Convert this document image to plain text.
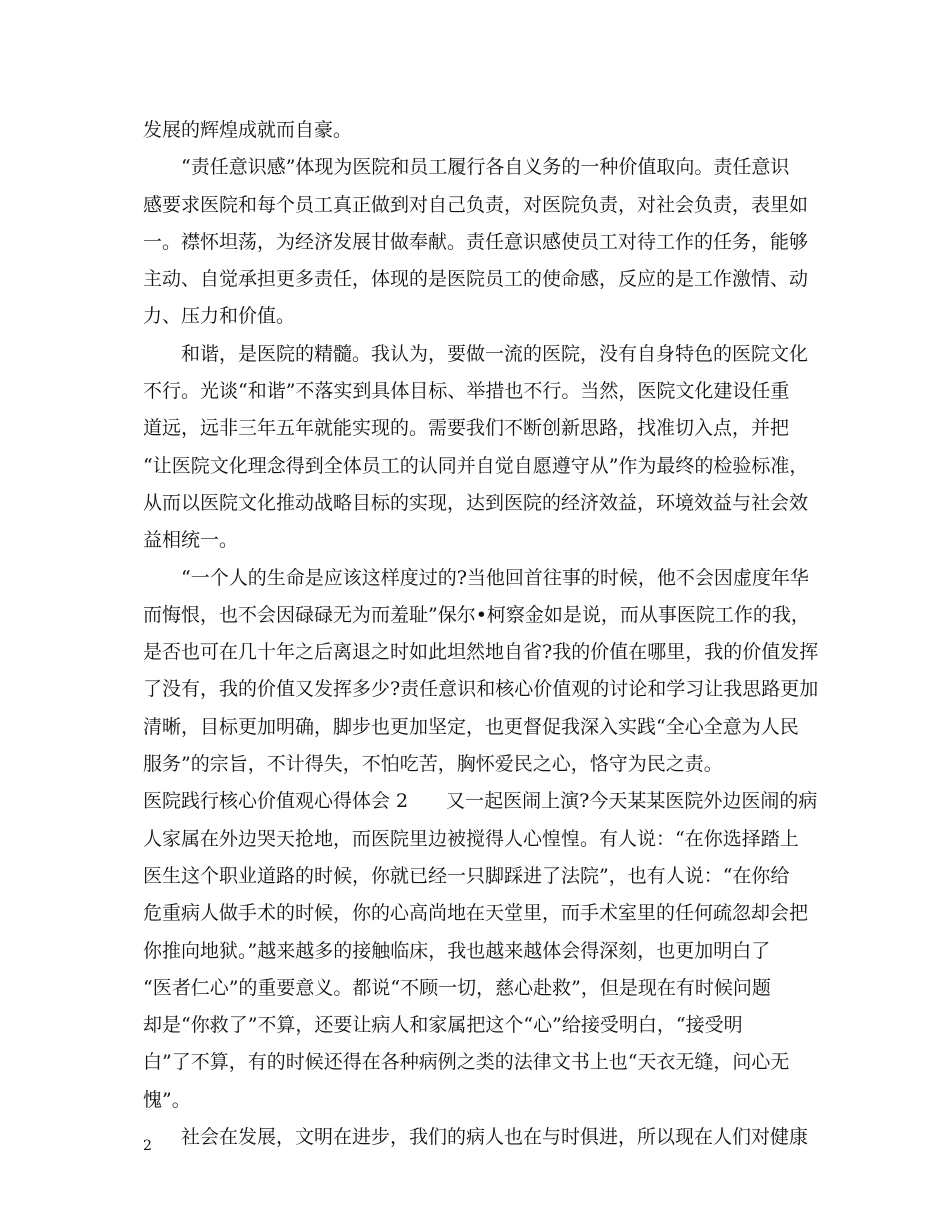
发展的辉煌成就而自豪。
“责任意识感”体现为医院和员工履行各自义务的一种价值取向。责任意识
感要求医院和每个员工真正做到对自己负责，对医院负责，对社会负责，表里如
一。襟怀坦荡，为经济发展甘做奉献。责任意识感使员工对待工作的任务，能够
主动、自觉承担更多责任，体现的是医院员工的使命感，反应的是工作激情、动
力、压力和价值。
和谐，是医院的精髓。我认为，要做一流的医院，没有自身特色的医院文化
不行。光谈“和谐”不落实到具体目标、举措也不行。当然，医院文化建设任重
道远，远非三年五年就能实现的。需要我们不断创新思路，找准切入点，并把
“让医院文化理念得到全体员工的认同并自觉自愿遵守从”作为最终的检验标准，
从而以医院文化推动战略目标的实现，达到医院的经济效益，环境效益与社会效
益相统一。
“一个人的生命是应该这样度过的?当他回首往事的时候，他不会因虚度年华
而悔恨，也不会因碌碌无为而羞耻”保尔•柯察金如是说，而从事医院工作的我，
是否也可在几十年之后离退之时如此坦然地自省?我的价值在哪里，我的价值发挥
了没有，我的价值又发挥多少?责任意识和核心价值观的讨论和学习让我思路更加
清晰，目标更加明确，脚步也更加坚定，也更督促我深入实践“全心全意为人民
服务”的宗旨，不计得失，不怕吃苦，胸怀爱民之心，恪守为民之责。
医院践行核心价值观心得体会 2　　又一起医闹上演?今天某某医院外边医闹的病
人家属在外边哭天抢地，而医院里边被搅得人心惶惶。有人说：“在你选择踏上
医生这个职业道路的时候，你就已经一只脚踩进了法院”，也有人说：“在你给
危重病人做手术的时候，你的心高尚地在天堂里，而手术室里的任何疏忽却会把
你推向地狱。”越来越多的接触临床，我也越来越体会得深刻，也更加明白了
“医者仁心”的重要意义。都说“不顾一切，慈心赴救”，但是现在有时候问题
却是“你救了”不算，还要让病人和家属把这个“心”给接受明白，“接受明
白”了不算，有的时候还得在各种病例之类的法律文书上也“天衣无缝，问心无
愧”。
社会在发展，文明在进步，我们的病人也在与时俱进，所以现在人们对健康
2
